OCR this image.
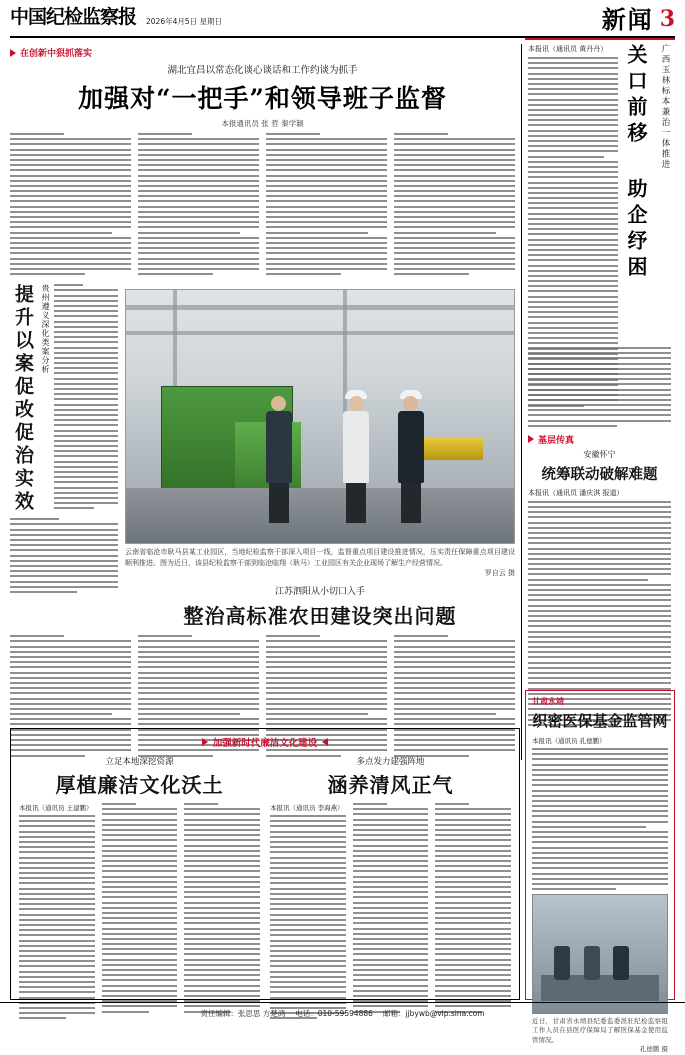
中国纪检监察报 2026年4月5日 星期日	新闻 3
在创新中狠抓落实
湖北宜昌以常态化谈心谈话和工作约谈为抓手
加强对“一把手”和领导班子监督
本报通讯员 张 哲 秦学颖
提升以案促改促治实效 贵州遵义深化类案分析
云南省临沧市耿马县某工业园区，当地纪检监察干部深入项目一线，监督重点项目建设推进情况，压实责任保障重点项目建设顺利推进。图为近日，该县纪检监察干部到临沧临翔（耿马）工业园区有关企业现场了解生产经营情况。
罗自云 摄
江苏泗阳从小切口入手
整治高标准农田建设突出问题
本报讯（通讯员 黄丹丹） 关口前移 助企纾困	广西玉林标本兼治一体推进
基层传真
安徽怀宁
统筹联动破解难题
本报讯（通讯员 潘庆淇 报道）
加强新时代廉洁文化建设
立足本地深挖资源
厚植廉洁文化沃土
本报讯（通讯员 王建鹏）
多点发力建强阵地
涵养清风正气
本报讯（通讯员 李海燕）
甘肃永靖
织密医保基金监管网
本报讯（通讯员 孔德鹏）
近日，甘肃省永靖县纪委监委派驻纪检监察组工作人员在县医疗保障局了解医保基金使用监管情况。
孔德鹏 摄
责任编辑：张思思 方楚鸿 电话：010-59594886 邮箱：jjbywb@vip.sina.com
